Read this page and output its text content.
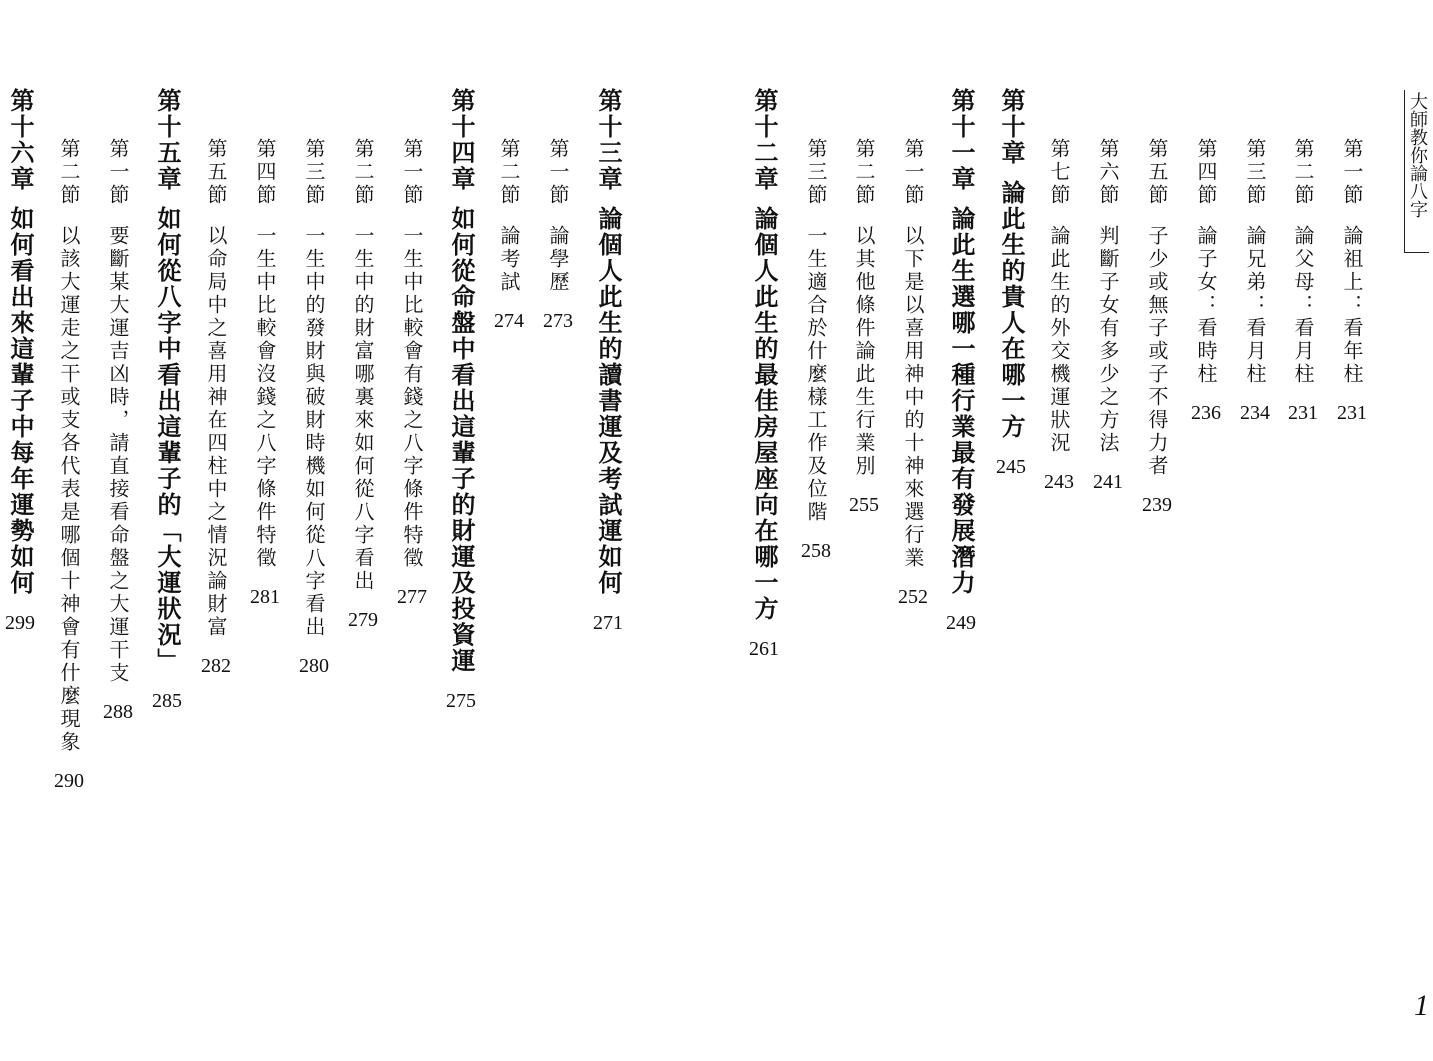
大師教你論八字
第一節
論祖上：看年柱
231
第二節
論父母：看月柱
231
第三節
論兄弟：看月柱
234
第四節
論子女：看時柱
236
第五節
子少或無子或子不得力者
239
第六節
判斷子女有多少之方法
241
第七節
論此生的外交機運狀況
243
第十章
論此生的貴人在哪一方
245
第十一章
論此生選哪一種行業最有發展潛力
249
第一節
以下是以喜用神中的十神來選行業
252
第二節
以其他條件論此生行業別
255
第三節
一生適合於什麼樣工作及位階
258
第十二章
論個人此生的最佳房屋座向在哪一方
261
第十三章
論個人此生的讀書運及考試運如何
271
第一節
論學歷
273
第二節
論考試
274
第十四章
如何從命盤中看出這輩子的財運及投資運
275
第一節
一生中比較會有錢之八字條件特徵
277
第二節
一生中的財富哪裏來如何從八字看出
279
第三節
一生中的發財與破財時機如何從八字看出
280
第四節
一生中比較會沒錢之八字條件特徵
281
第五節
以命局中之喜用神在四柱中之情況論財富
282
第十五章
如何從八字中看出這輩子的「大運狀況」
285
第一節
要斷某大運吉凶時，請直接看命盤之大運干支
288
第二節
以該大運走之干或支各代表是哪個十神會有什麼現象
290
第十六章
如何看出來這輩子中每年運勢如何
299
1
